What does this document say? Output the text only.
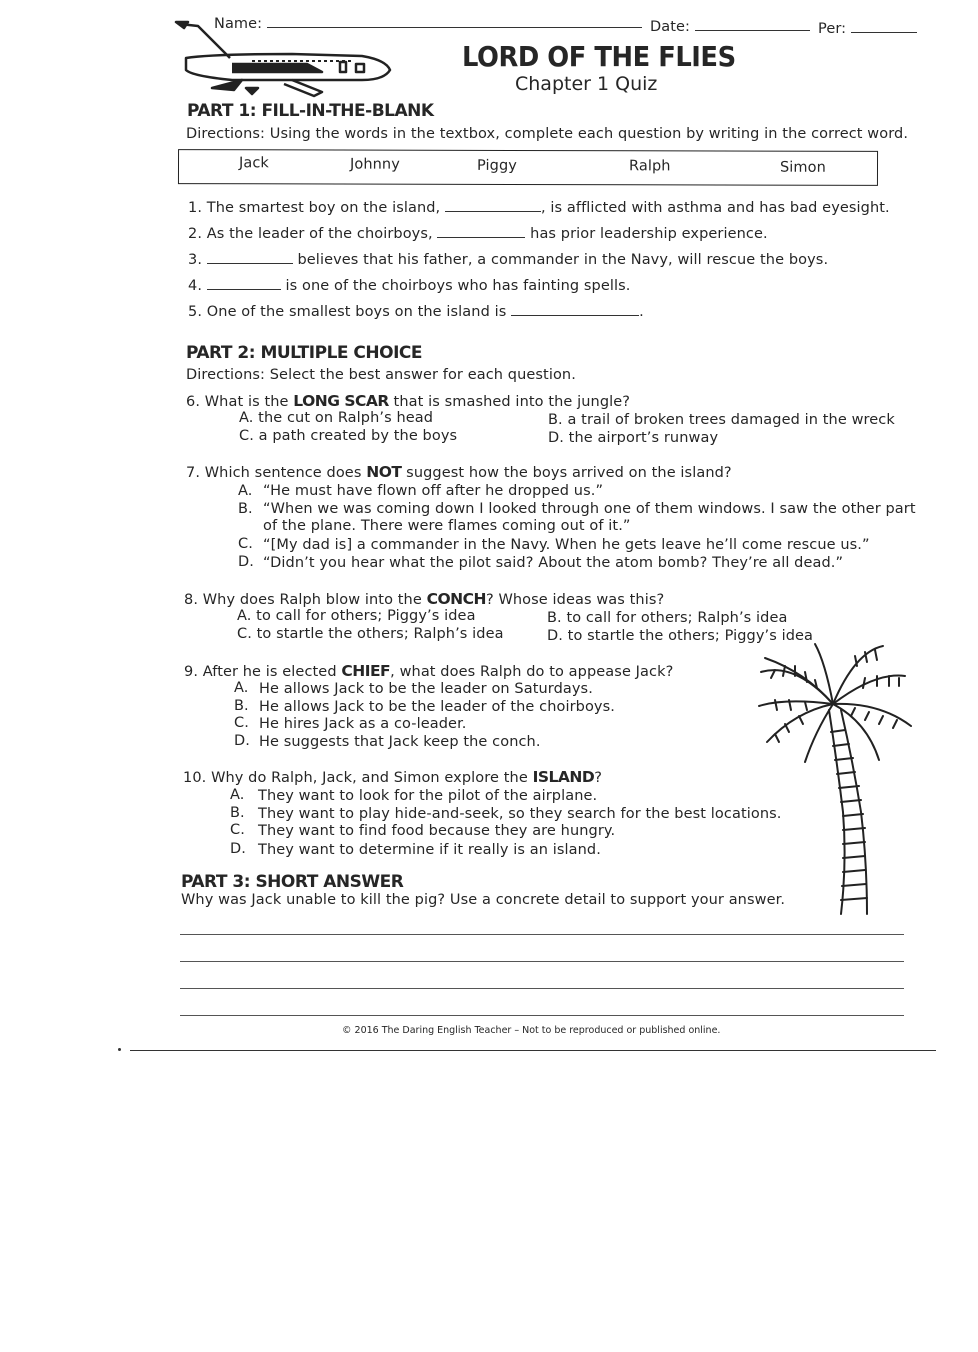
Name:	Date:	Per:
LORD OF THE FLIES
Chapter 1 Quiz
PART 1: FILL-IN-THE-BLANK
Directions: Using the words in the textbox, complete each question by writing in the correct word.
Jack	Johnny	Piggy	Ralph	Simon
1. The smartest boy on the island,	, is afflicted with asthma and has bad eyesight.
2. As the leader of the choirboys,	has prior leadership experience.
3.	believes that his father, a commander in the Navy, will rescue the boys.
4.	is one of the choirboys who has fainting spells.
5. One of the smallest boys on the island is	.
PART 2: MULTIPLE CHOICE
Directions: Select the best answer for each question.
6. What is the LONG SCAR that is smashed into the jungle?
A. the cut on Ralph’s head	B. a trail of broken trees damaged in the wreck
C. a path created by the boys	D. the airport’s runway
7. Which sentence does NOT suggest how the boys arrived on the island?
A. “He must have flown off after he dropped us.”
B. “When we was coming down I looked through one of them windows. I saw the other part
of the plane. There were flames coming out of it.”
C. “[My dad is] a commander in the Navy. When he gets leave he’ll come rescue us.”
D. “Didn’t you hear what the pilot said? About the atom bomb? They’re all dead.”
8. Why does Ralph blow into the CONCH? Whose ideas was this?
A. to call for others; Piggy’s idea	B. to call for others; Ralph’s idea
C. to startle the others; Ralph’s idea	D. to startle the others; Piggy’s idea
9. After he is elected CHIEF, what does Ralph do to appease Jack?
A. He allows Jack to be the leader on Saturdays.
B. He allows Jack to be the leader of the choirboys.
C. He hires Jack as a co-leader.
D. He suggests that Jack keep the conch.
10. Why do Ralph, Jack, and Simon explore the ISLAND?
A. They want to look for the pilot of the airplane.
B. They want to play hide-and-seek, so they search for the best locations.
C. They want to find food because they are hungry.
D. They want to determine if it really is an island.
PART 3: SHORT ANSWER
Why was Jack unable to kill the pig? Use a concrete detail to support your answer.
© 2016 The Daring English Teacher – Not to be reproduced or published online.
